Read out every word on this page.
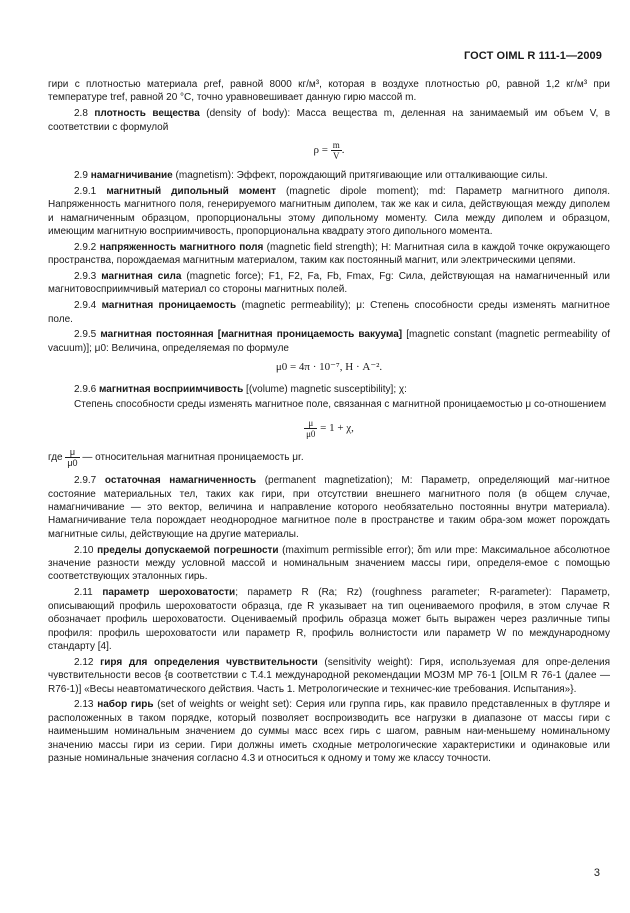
ГОСТ OIML R 111-1—2009

гири с плотностью материала ρref, равной 8000 кг/м³, которая в воздухе плотностью ρ0, равной 1,2 кг/м³ при температуре tref, равной 20 °C, точно уравновешивает данную гирю массой m.

2.8 плотность вещества (density of body): Масса вещества m, деленная на занимаемый им объем V, в соответствии с формулой

$\rho = \frac{m}{V}$ .

2.9 намагничивание (magnetism): Эффект, порождающий притягивающие или отталкивающие силы.

2.9.1 магнитный дипольный момент (magnetic dipole moment); md: Параметр магнитного диполя. Напряженность магнитного поля, генерируемого магнитным диполем, так же как и сила, действующая между диполем и намагниченным образцом, пропорциональны этому дипольному моменту. Сила между диполем и образцом, имеющим магнитную восприимчивость, пропорциональна квадрату этого дипольного момента.

2.9.2 напряженность магнитного поля (magnetic field strength); H: Магнитная сила в каждой точке окружающего пространства, порождаемая магнитным материалом, таким как постоянный магнит, или электрическими цепями.

2.9.3 магнитная сила (magnetic force); F1, F2, Fa, Fb, Fmax, Fg: Сила, действующая на намагниченный или магнитовосприимчивый материал со стороны магнитных полей.

2.9.4 магнитная проницаемость (magnetic permeability); μ: Степень способности среды изменять магнитное поле.

2.9.5 магнитная постоянная [магнитная проницаемость вакуума] [magnetic constant (magnetic permeability of vacuum)]; μ0: Величина, определяемая по формуле

μ0 = 4π · 10⁻⁷, Н · А⁻².

2.9.6 магнитная восприимчивость [(volume) magnetic susceptibility]; χ:

Степень способности среды изменять магнитное поле, связанная с магнитной проницаемостью μ со-отношением

$\frac{\mu}{\mu 0} = 1 + \chi$,

где $\frac{\mu}{\mu 0}$ — относительная магнитная проницаемость μr.

2.9.7 остаточная намагниченность (permanent magnetization); M: Параметр, определяющий маг-нитное состояние материальных тел, таких как гири, при отсутствии внешнего магнитного поля (в общем случае, намагничивание — это вектор, величина и направление которого необязательно постоянны внутри материала). Намагничивание тела порождает неоднородное магнитное поле в пространстве и таким обра-зом может порождать магнитные силы, действующие на другие материалы.

2.10 пределы допускаемой погрешности (maximum permissible error); δm или mpe: Максимальное абсолютное значение разности между условной массой и номинальным значением массы гири, определя-емое с помощью соответствующих эталонных гирь.

2.11 параметр шероховатости; параметр R (Ra; Rz) (roughness parameter; R-parameter): Параметр, описывающий профиль шероховатости образца, где R указывает на тип оцениваемого профиля, в этом случае R обозначает профиль шероховатости. Оцениваемый профиль образца может быть выражен через различные типы профиля: профиль шероховатости или параметр R, профиль волнистости или параметр W по международному стандарту [4].

2.12 гиря для определения чувствительности (sensitivity weight): Гиря, используемая для опре-деления чувствительности весов {в соответствии с Т.4.1 международной рекомендации МОЗМ МР 76-1 [OILM R 76-1 (далее — R76-1)] «Весы неавтоматического действия. Часть 1. Метрологические и техничес-кие требования. Испытания»}.

2.13 набор гирь (set of weights or weight set): Серия или группа гирь, как правило представленных в футляре и расположенных в таком порядке, который позволяет воспроизводить все нагрузки в диапазоне от массы гири с наименьшим номинальным значением до суммы масс всех гирь с шагом, равным наи-меньшему номинальному значению массы гири из серии. Гири должны иметь сходные метрологические характеристики и одинаковые или разные номинальные значения согласно 4.3 и относиться к одному и тому же классу точности.

3
